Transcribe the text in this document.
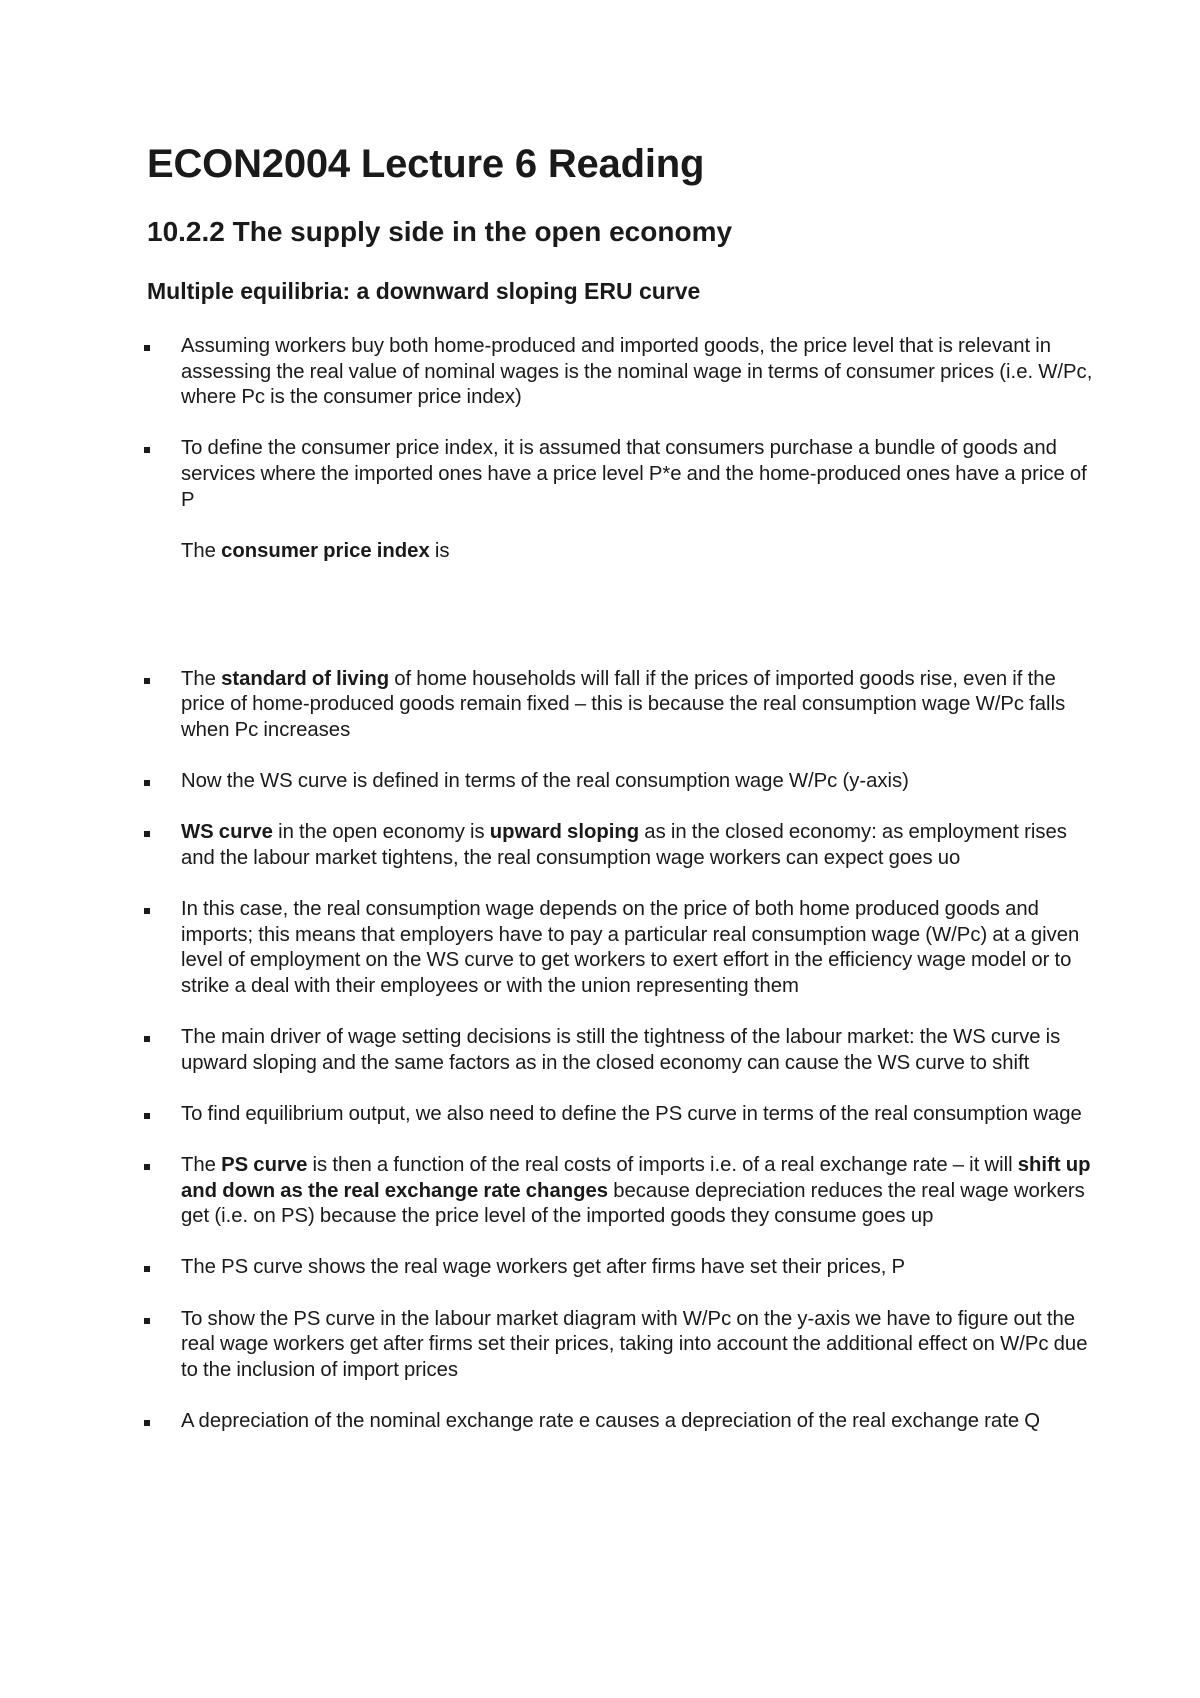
ECON2004 Lecture 6 Reading
10.2.2 The supply side in the open economy
Multiple equilibria: a downward sloping ERU curve
Assuming workers buy both home-produced and imported goods, the price level that is relevant in assessing the real value of nominal wages is the nominal wage in terms of consumer prices (i.e. W/Pc, where Pc is the consumer price index)
To define the consumer price index, it is assumed that consumers purchase a bundle of goods and services where the imported ones have a price level P*e and the home-produced ones have a price of P
The consumer price index is
The standard of living of home households will fall if the prices of imported goods rise, even if the price of home-produced goods remain fixed – this is because the real consumption wage W/Pc falls when Pc increases
Now the WS curve is defined in terms of the real consumption wage W/Pc (y-axis)
WS curve in the open economy is upward sloping as in the closed economy: as employment rises and the labour market tightens, the real consumption wage workers can expect goes uo
In this case, the real consumption wage depends on the price of both home produced goods and imports; this means that employers have to pay a particular real consumption wage (W/Pc) at a given level of employment on the WS curve to get workers to exert effort in the efficiency wage model or to strike a deal with their employees or with the union representing them
The main driver of wage setting decisions is still the tightness of the labour market: the WS curve is upward sloping and the same factors as in the closed economy can cause the WS curve to shift
To find equilibrium output, we also need to define the PS curve in terms of the real consumption wage
The PS curve is then a function of the real costs of imports i.e. of a real exchange rate – it will shift up and down as the real exchange rate changes because depreciation reduces the real wage workers get (i.e. on PS) because the price level of the imported goods they consume goes up
The PS curve shows the real wage workers get after firms have set their prices, P
To show the PS curve in the labour market diagram with W/Pc on the y-axis we have to figure out the real wage workers get after firms set their prices, taking into account the additional effect on W/Pc due to the inclusion of import prices
A depreciation of the nominal exchange rate e causes a depreciation of the real exchange rate Q
